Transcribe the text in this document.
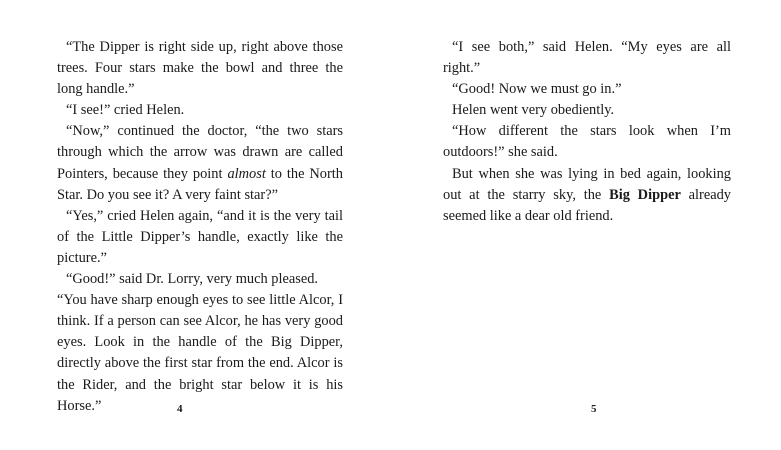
“The Dipper is right side up, right above those trees. Four stars make the bowl and three the long handle.”

“I see!” cried Helen.

“Now,” continued the doctor, “the two stars through which the arrow was drawn are called Pointers, because they point almost to the North Star. Do you see it? A very faint star?”

“Yes,” cried Helen again, “and it is the very tail of the Little Dipper’s handle, exactly like the picture.”

“Good!” said Dr. Lorry, very much pleased.

“You have sharp enough eyes to see little Alcor, I think. If a person can see Alcor, he has very good eyes. Look in the handle of the Big Dipper, directly above the first star from the end. Alcor is the Rider, and the bright star below it is his Horse.”	4

“I see both,” said Helen. “My eyes are all right.”

“Good! Now we must go in.”

Helen went very obediently.

“How different the stars look when I’m outdoors!” she said.

But when she was lying in bed again, looking out at the starry sky, the Big Dipper already seemed like a dear old friend.

5
